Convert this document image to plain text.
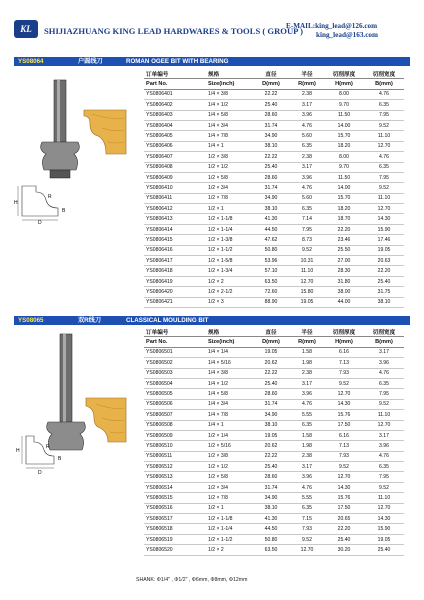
KL	SHIJIAZHUANG KING LEAD HARDWARES & TOOLS ( GROUP )
E-MAIL:king_lead@126.com
king_lead@163.com
YS08064	户圆线刀	ROMAN OGEE BIT WITH BEARING
H
D
R
B
订单编号	规格	直径	半径	切削厚度	切削宽度
Part No.	Size(inch)	D(mm)	R(mm)	H(mm)	B(mm)
YS0806401	1/4 × 3/8	22.22	2.38	8.00	4.76
YS0806402	1/4 × 1/2	25.40	3.17	9.70	6.35
YS0806403	1/4 × 5/8	28.60	3.96	11.50	7.95
YS0806404	1/4 × 3/4	31.74	4.76	14.00	9.52
YS0806405	1/4 × 7/8	34.90	5.60	15.70	11.10
YS0806406	1/4 × 1	38.10	6.35	18.20	12.70
YS0806407	1/2 × 3/8	22.22	2.38	8.00	4.76
YS0806408	1/2 × 1/2	25.40	3.17	9.70	6.35
YS0806409	1/2 × 5/8	28.60	3.96	11.50	7.95
YS0806410	1/2 × 3/4	31.74	4.76	14.00	9.52
YS0806411	1/2 × 7/8	34.90	5.60	15.70	11.10
YS0806412	1/2 × 1	38.10	6.35	18.20	12.70
YS0806413	1/2 × 1-1/8	41.30	7.14	18.70	14.30
YS0806414	1/2 × 1-1/4	44.50	7.95	22.20	15.90
YS0806415	1/2 × 1-3/8	47.62	8.73	23.46	17.46
YS0806416	1/2 × 1-1/2	50.80	9.52	25.50	19.05
YS0806417	1/2 × 1-5/8	53.96	10.31	27.00	20.63
YS0806418	1/2 × 1-3/4	57.10	11.10	28.30	22.20
YS0806419	1/2 × 2	63.50	12.70	31.80	25.40
YS0806420	1/2 × 2-1/2	72.60	15.80	38.00	31.75
YS0806421	1/2 × 3	88.90	19.05	44.00	38.10
YS08065	双R线刀	CLASSICAL MOULDING BIT
H
D
R
B
订单编号	规格	直径	半径	切削厚度	切削宽度
Part No.	Size(inch)	D(mm)	R(mm)	H(mm)	B(mm)
YS0806501	1/4 × 1/4	19.05	1.58	6.16	3.17
YS0806502	1/4 × 5/16	20.62	1.98	7.13	3.96
YS0806503	1/4 × 3/8	22.22	2.38	7.93	4.76
YS0806504	1/4 × 1/2	25.40	3.17	9.52	6.35
YS0806505	1/4 × 5/8	28.60	3.96	12.70	7.95
YS0806506	1/4 × 3/4	31.74	4.76	14.30	9.52
YS0806507	1/4 × 7/8	34.90	5.55	15.76	11.10
YS0806508	1/4 × 1	38.10	6.35	17.50	12.70
YS0806509	1/2 × 1/4	19.05	1.58	6.16	3.17
YS0806510	1/2 × 5/16	20.62	1.98	7.13	3.96
YS0806511	1/2 × 3/8	22.22	2.38	7.93	4.76
YS0806512	1/2 × 1/2	25.40	3.17	9.52	6.35
YS0806513	1/2 × 5/8	28.60	3.96	12.70	7.95
YS0806514	1/2 × 3/4	31.74	4.76	14.30	9.52
YS0806515	1/2 × 7/8	34.90	5.55	15.76	11.10
YS0806516	1/2 × 1	38.10	6.35	17.50	12.70
YS0806517	1/2 × 1-1/8	41.30	7.15	20.65	14.30
YS0806518	1/2 × 1-1/4	44.50	7.93	22.20	15.90
YS0806519	1/2 × 1-1/2	50.80	9.52	25.40	19.05
YS0806520	1/2 × 2	63.50	12.70	30.20	25.40
SHANK: Φ1/4" , Φ1/2" , Φ6mm, Φ8mm, Φ12mm
